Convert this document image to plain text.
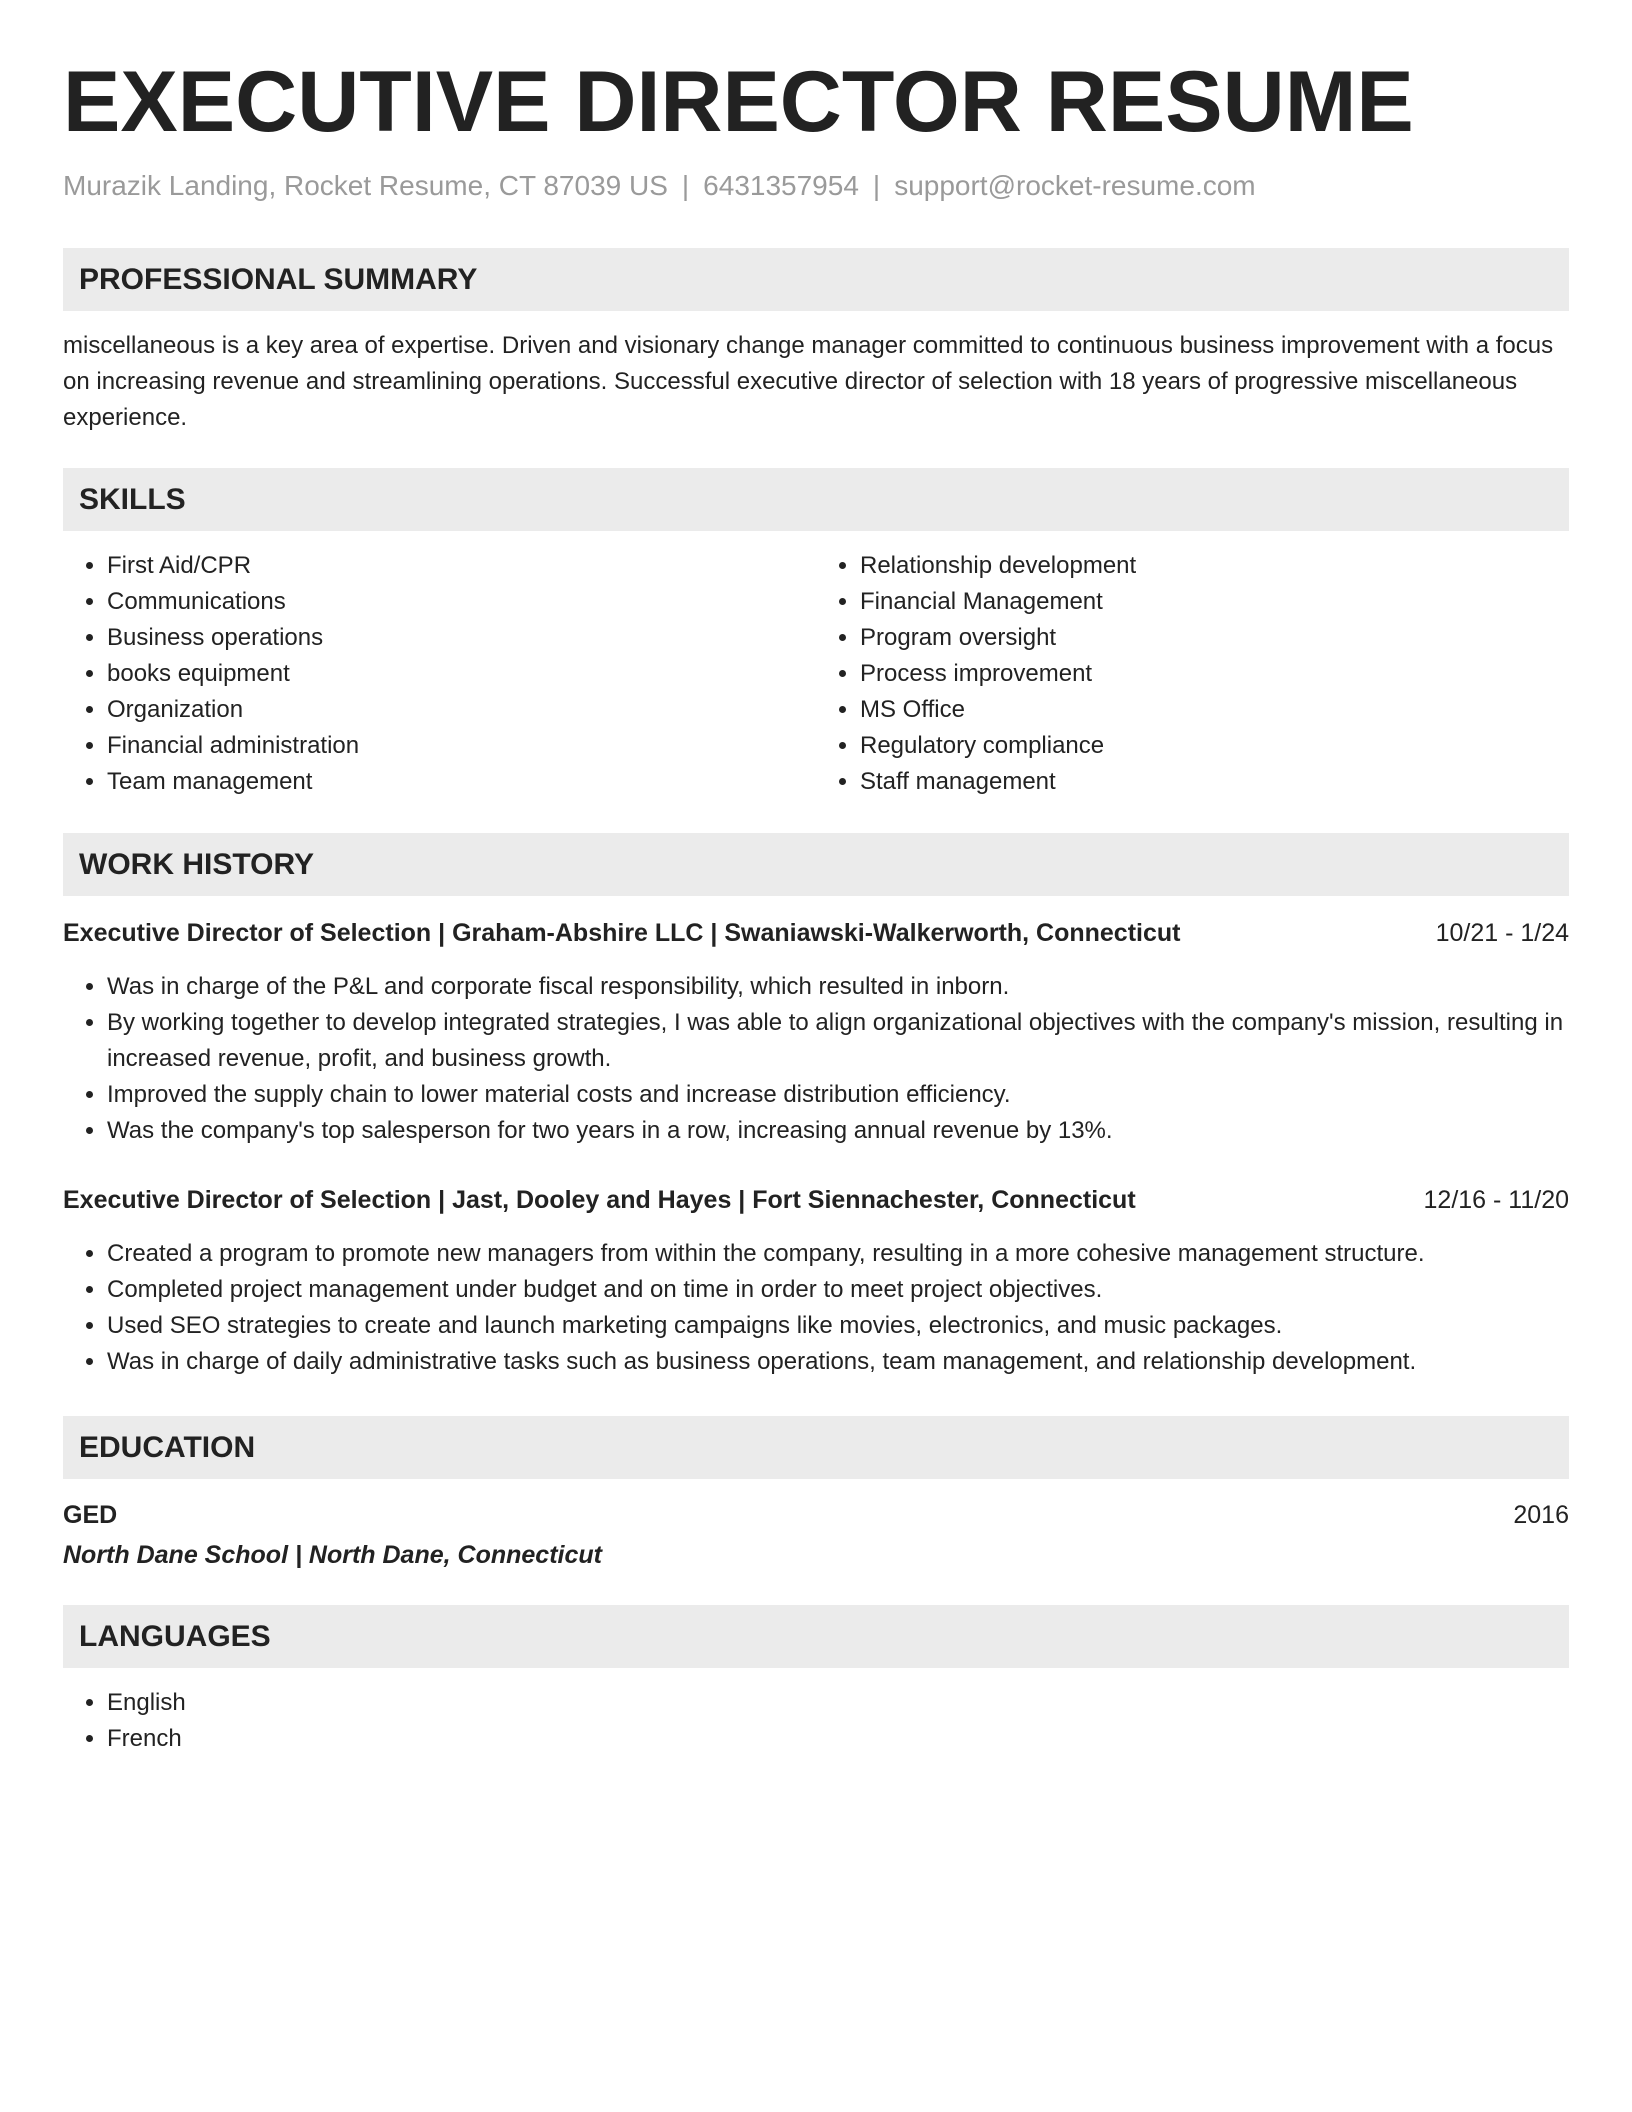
EXECUTIVE DIRECTOR RESUME
Murazik Landing, Rocket Resume, CT 87039 US | 6431357954 | support@rocket-resume.com
PROFESSIONAL SUMMARY
miscellaneous is a key area of expertise. Driven and visionary change manager committed to continuous business improvement with a focus on increasing revenue and streamlining operations. Successful executive director of selection with 18 years of progressive miscellaneous experience.
SKILLS
• First Aid/CPR
• Communications
• Business operations
• books equipment
• Organization
• Financial administration
• Team management
• Relationship development
• Financial Management
• Program oversight
• Process improvement
• MS Office
• Regulatory compliance
• Staff management
WORK HISTORY
Executive Director of Selection | Graham-Abshire LLC | Swaniawski-Walkerworth, Connecticut	10/21 - 1/24
• Was in charge of the P&L and corporate fiscal responsibility, which resulted in inborn.
• By working together to develop integrated strategies, I was able to align organizational objectives with the company's mission, resulting in increased revenue, profit, and business growth.
• Improved the supply chain to lower material costs and increase distribution efficiency.
• Was the company's top salesperson for two years in a row, increasing annual revenue by 13%.
Executive Director of Selection | Jast, Dooley and Hayes | Fort Siennachester, Connecticut	12/16 - 11/20
• Created a program to promote new managers from within the company, resulting in a more cohesive management structure.
• Completed project management under budget and on time in order to meet project objectives.
• Used SEO strategies to create and launch marketing campaigns like movies, electronics, and music packages.
• Was in charge of daily administrative tasks such as business operations, team management, and relationship development.
EDUCATION
GED	2016
North Dane School | North Dane, Connecticut
LANGUAGES
• English
• French
